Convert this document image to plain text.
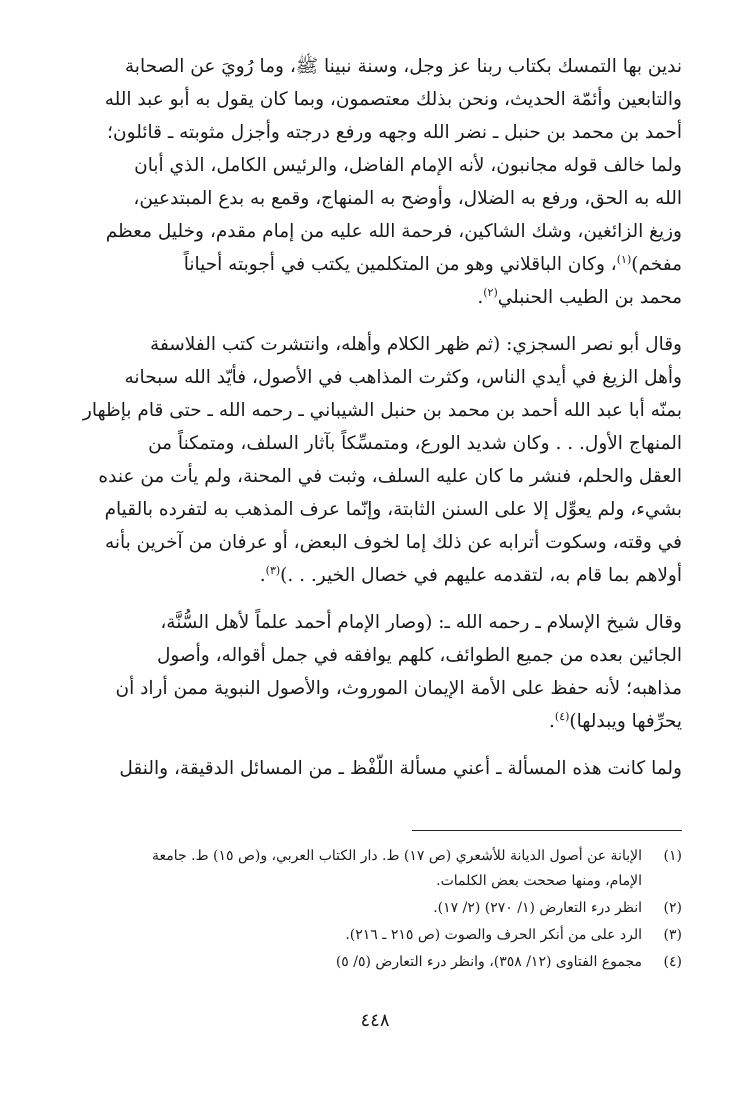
ندين بها التمسك بكتاب ربنا عز وجل، وسنة نبينا ﷺ، وما رُويَ عن الصحابة
والتابعين وأئمّة الحديث، ونحن بذلك معتصمون، وبما كان يقول به أبو عبد الله
أحمد بن محمد بن حنبل ـ نضر الله وجهه ورفع درجته وأجزل مثوبته ـ قائلون؛
ولما خالف قوله مجانبون، لأنه الإمام الفاضل، والرئيس الكامل، الذي أبان
الله به الحق، ورفع به الضلال، وأوضح به المنهاج، وقمع به بدع المبتدعين،
وزيغ الزائغين، وشك الشاكين، فرحمة الله عليه من إمام مقدم، وخليل معظم
مفخم)$^{(١)}$، وكان الباقلاني وهو من المتكلمين يكتب في أجوبته أحياناً
محمد بن الطيب الحنبلي$^{(٢)}$.

وقال أبو نصر السجزي: (ثم ظهر الكلام وأهله، وانتشرت كتب الفلاسفة
وأهل الزيغ في أيدي الناس، وكثرت المذاهب في الأصول، فأيّد الله سبحانه
بمنّه أبا عبد الله أحمد بن محمد بن حنبل الشيباني ـ رحمه الله ـ حتى قام بإظهار
المنهاج الأول. . . وكان شديد الورع، ومتمسِّكاً بآثار السلف، ومتمكناً من
العقل والحلم، فنشر ما كان عليه السلف، وثبت في المحنة، ولم يأت من عنده
بشيء، ولم يعوِّل إلا على السنن الثابتة، وإنّما عرف المذهب به لتفرده بالقيام
في وقته، وسكوت أترابه عن ذلك إما لخوف البعض، أو عرفان من آخرين بأنه
أولاهم بما قام به، لتقدمه عليهم في خصال الخير. . .)$^{(٣)}$.

وقال شيخ الإسلام ـ رحمه الله ـ: (وصار الإمام أحمد علماً لأهل السُّنَّة،
الجائين بعده من جميع الطوائف، كلهم يوافقه في جمل أقواله، وأصول
مذاهبه؛ لأنه حفظ على الأمة الإيمان الموروث، والأصول النبوية ممن أراد أن
يحرِّفها ويبدلها)$^{(٤)}$.

ولما كانت هذه المسألة ـ أعني مسألة اللّفْظ ـ من المسائل الدقيقة، والنقل

(١)
الإبانة عن أصول الديانة للأشعري (ص ١٧) ط. دار الكتاب العربي، و(ص ١٥) ط. جامعة
الإمام، ومنها صححت بعض الكلمات.
(٢)
انظر درء التعارض (١/ ٢٧٠) (٢/ ١٧).
(٣)
الرد على من أنكر الحرف والصوت (ص ٢١٥ ـ ٢١٦).
(٤)
مجموع الفتاوى (١٢/ ٣٥٨)، وانظر درء التعارض (٥/ ٥)
٤٤٨
